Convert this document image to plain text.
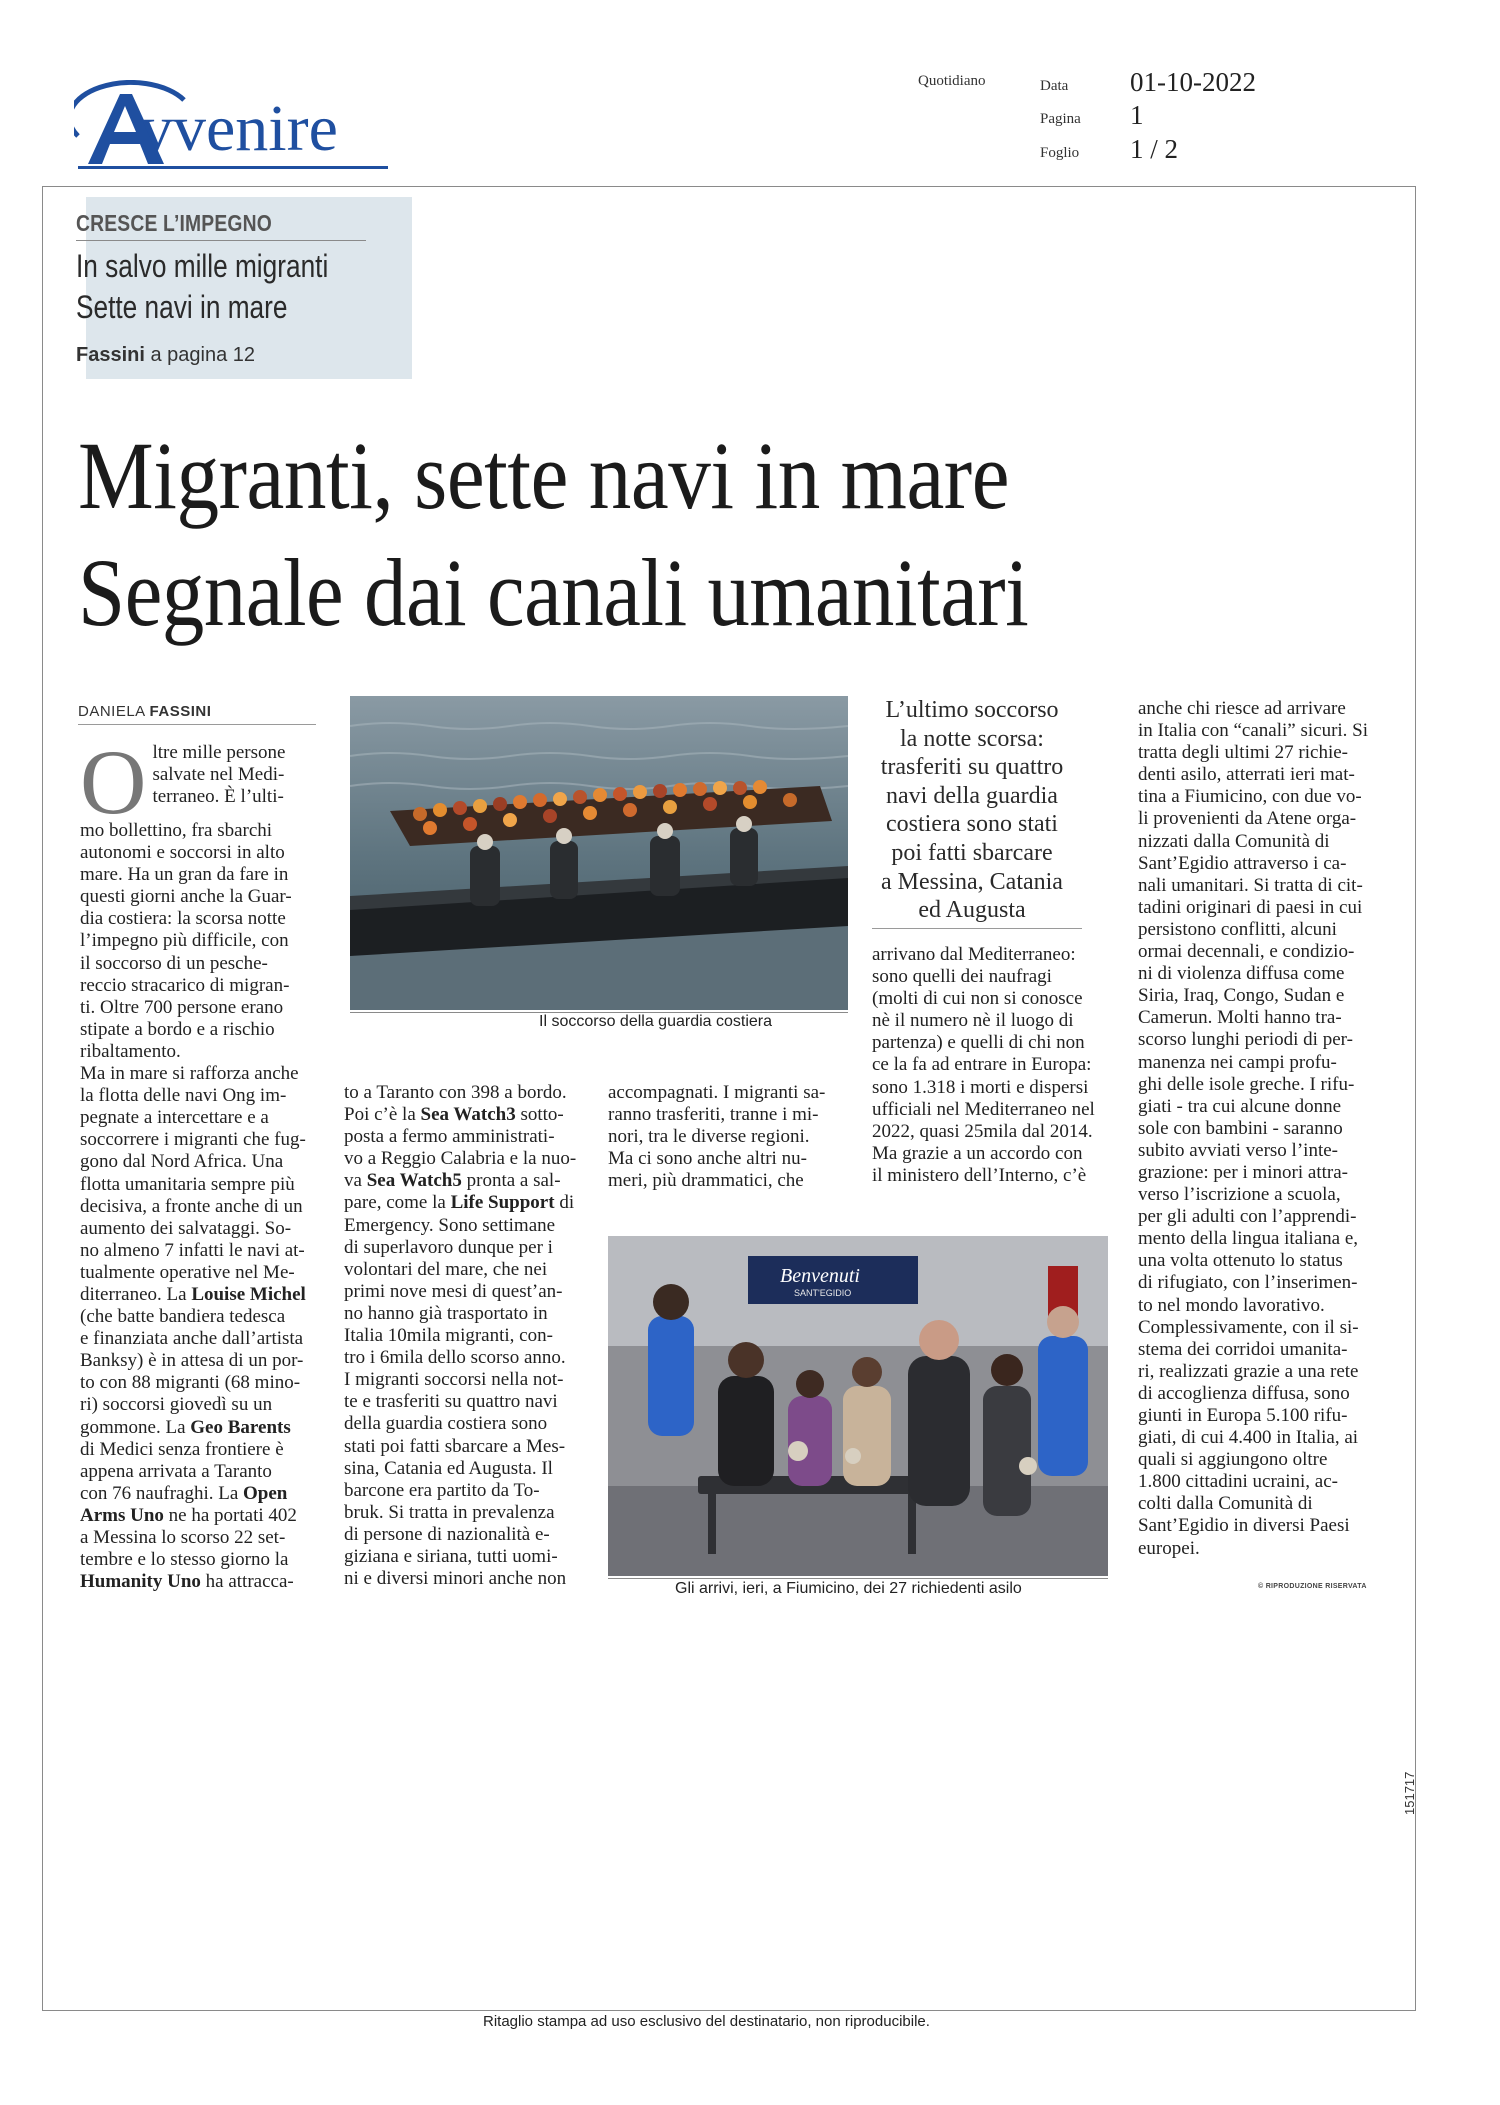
vvenire
Quotidiano	Data 01-10-2022
Pagina 1
Foglio 1 / 2
CRESCE L’IMPEGNO
In salvo mille migranti
Sette navi in mare
Fassini a pagina 12
Migranti, sette navi in mare
Segnale dai canali umanitari
DANIELA FASSINI
Il soccorso della guardia costiera
L’ultimo soccorso
la notte scorsa:
trasferiti su quattro
navi della guardia
costiera sono stati
poi fatti sbarcare
a Messina, Catania
ed Augusta
O ltre mille persone
salvate nel Medi-
terraneo. È l’ulti-
mo bollettino, fra sbarchi
autonomi e soccorsi in alto
mare. Ha un gran da fare in
questi giorni anche la Guar-
dia costiera: la scorsa notte
l’impegno più difficile, con
il soccorso di un pesche-
reccio stracarico di migran-
ti. Oltre 700 persone erano
stipate a bordo e a rischio
ribaltamento.
Ma in mare si rafforza anche
la flotta delle navi Ong im-
pegnate a intercettare e a
soccorrere i migranti che fug-
gono dal Nord Africa. Una
flotta umanitaria sempre più
decisiva, a fronte anche di un
aumento dei salvataggi. So-
no almeno 7 infatti le navi at-
tualmente operative nel Me-
diterraneo. La Louise Michel
(che batte bandiera tedesca
e finanziata anche dall’artista
Banksy) è in attesa di un por-
to con 88 migranti (68 mino-
ri) soccorsi giovedì su un
gommone. La Geo Barents
di Medici senza frontiere è
appena arrivata a Taranto
con 76 naufraghi. La Open
Arms Uno ne ha portati 402
a Messina lo scorso 22 set-
tembre e lo stesso giorno la
Humanity Uno ha attracca-
to a Taranto con 398 a bordo.
Poi c’è la Sea Watch3 sotto-
posta a fermo amministrati-
vo a Reggio Calabria e la nuo-
va Sea Watch5 pronta a sal-
pare, come la Life Support di
Emergency. Sono settimane
di superlavoro dunque per i
volontari del mare, che nei
primi nove mesi di quest’an-
no hanno già trasportato in
Italia 10mila migranti, con-
tro i 6mila dello scorso anno.
I migranti soccorsi nella not-
te e trasferiti su quattro navi
della guardia costiera sono
stati poi fatti sbarcare a Mes-
sina, Catania ed Augusta. Il
barcone era partito da To-
bruk. Si tratta in prevalenza
di persone di nazionalità e-
giziana e siriana, tutti uomi-
ni e diversi minori anche non
accompagnati. I migranti sa-
ranno trasferiti, tranne i mi-
nori, tra le diverse regioni.
Ma ci sono anche altri nu-
meri, più drammatici, che
arrivano dal Mediterraneo:
sono quelli dei naufragi
(molti di cui non si conosce
nè il numero nè il luogo di
partenza) e quelli di chi non
ce la fa ad entrare in Europa:
sono 1.318 i morti e dispersi
ufficiali nel Mediterraneo nel
2022, quasi 25mila dal 2014.
Ma grazie a un accordo con
il ministero dell’Interno, c’è
anche chi riesce ad arrivare
in Italia con “canali” sicuri. Si
tratta degli ultimi 27 richie-
denti asilo, atterrati ieri mat-
tina a Fiumicino, con due vo-
li provenienti da Atene orga-
nizzati dalla Comunità di
Sant’Egidio attraverso i ca-
nali umanitari. Si tratta di cit-
tadini originari di paesi in cui
persistono conflitti, alcuni
ormai decennali, e condizio-
ni di violenza diffusa come
Siria, Iraq, Congo, Sudan e
Camerun. Molti hanno tra-
scorso lunghi periodi di per-
manenza nei campi profu-
ghi delle isole greche. I rifu-
giati - tra cui alcune donne
sole con bambini - saranno
subito avviati verso l’inte-
grazione: per i minori attra-
verso l’iscrizione a scuola,
per gli adulti con l’apprendi-
mento della lingua italiana e,
una volta ottenuto lo status
di rifugiato, con l’inserimen-
to nel mondo lavorativo.
Complessivamente, con il si-
stema dei corridoi umanita-
ri, realizzati grazie a una rete
di accoglienza diffusa, sono
giunti in Europa 5.100 rifu-
giati, di cui 4.400 in Italia, ai
quali si aggiungono oltre
1.800 cittadini ucraini, ac-
colti dalla Comunità di
Sant’Egidio in diversi Paesi
europei.
Benvenuti
SANT'EGIDIO
Gli arrivi, ieri, a Fiumicino, dei 27 richiedenti asilo	© RIPRODUZIONE RISERVATA
151717
Ritaglio stampa ad uso esclusivo del destinatario, non riproducibile.
